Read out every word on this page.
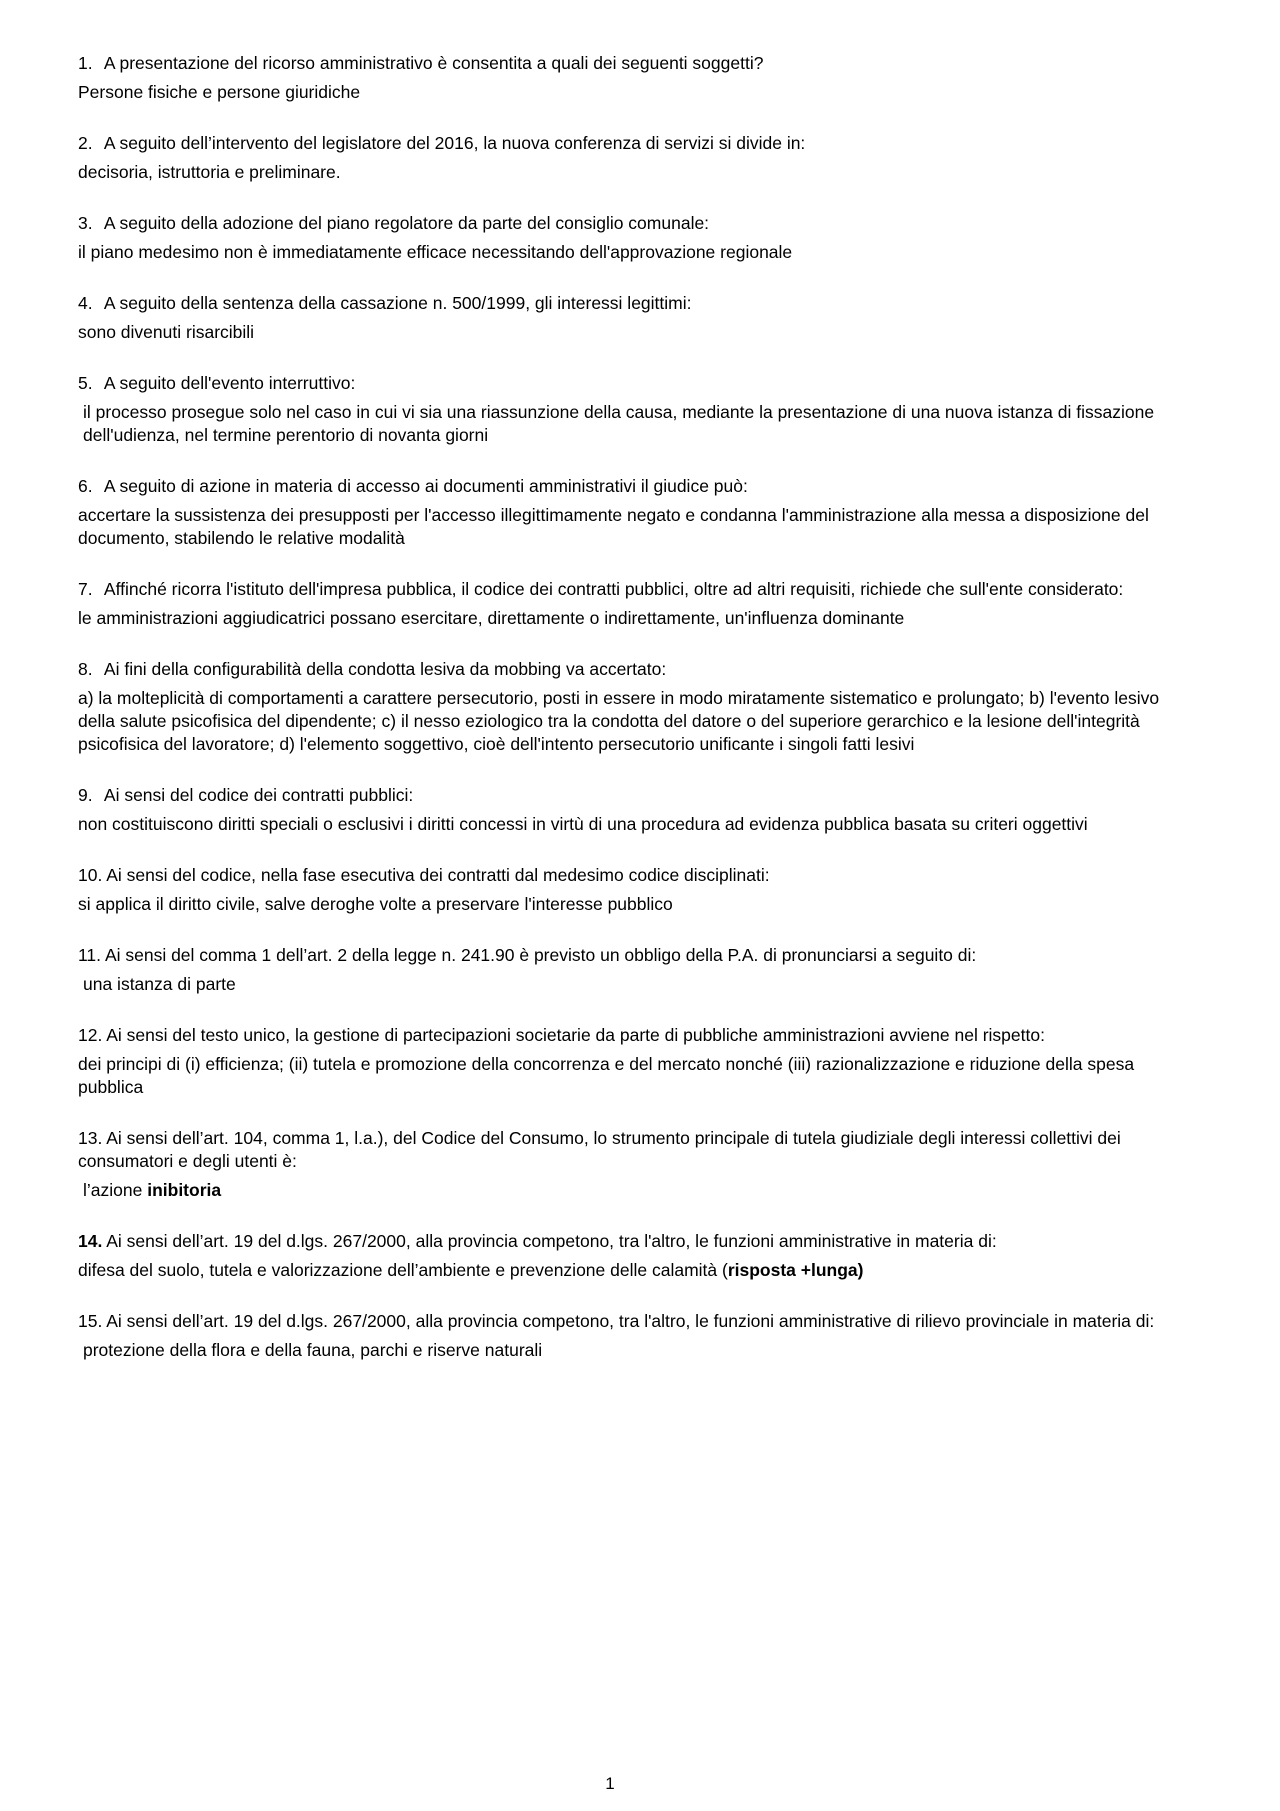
1. A presentazione del ricorso amministrativo è consentita a quali dei seguenti soggetti?

Persone fisiche e persone giuridiche

2. A seguito dell’intervento del legislatore del 2016, la nuova conferenza di servizi si divide in:

decisoria, istruttoria e preliminare.

3. A seguito della adozione del piano regolatore da parte del consiglio comunale:

il piano medesimo non è immediatamente efficace necessitando dell'approvazione regionale

4. A seguito della sentenza della cassazione n. 500/1999, gli interessi legittimi:

sono divenuti risarcibili

5. A seguito dell'evento interruttivo:

il processo prosegue solo nel caso in cui vi sia una riassunzione della causa, mediante la presentazione di una nuova istanza di fissazione dell'udienza, nel termine perentorio di novanta giorni

6. A seguito di azione in materia di accesso ai documenti amministrativi il giudice può:

accertare la sussistenza dei presupposti per l'accesso illegittimamente negato e condanna l'amministrazione alla messa a disposizione del documento, stabilendo le relative modalità

7. Affinché ricorra l'istituto dell'impresa pubblica, il codice dei contratti pubblici, oltre ad altri requisiti, richiede che sull'ente considerato:

le amministrazioni aggiudicatrici possano esercitare, direttamente o indirettamente, un'influenza dominante

8. Ai fini della configurabilità della condotta lesiva da mobbing va accertato:

a) la molteplicità di comportamenti a carattere persecutorio, posti in essere in modo miratamente sistematico e prolungato; b) l'evento lesivo della salute psicofisica del dipendente; c) il nesso eziologico tra la condotta del datore o del superiore gerarchico e la lesione dell'integrità psicofisica del lavoratore; d) l'elemento soggettivo, cioè dell'intento persecutorio unificante i singoli fatti lesivi

9. Ai sensi del codice dei contratti pubblici:

non costituiscono diritti speciali o esclusivi i diritti concessi in virtù di una procedura ad evidenza pubblica basata su criteri oggettivi

10. Ai sensi del codice, nella fase esecutiva dei contratti dal medesimo codice disciplinati:

si applica il diritto civile, salve deroghe volte a preservare l'interesse pubblico

11. Ai sensi del comma 1 dell’art. 2 della legge n. 241.90 è previsto un obbligo della P.A. di pronunciarsi a seguito di:

una istanza di parte

12. Ai sensi del testo unico, la gestione di partecipazioni societarie da parte di pubbliche amministrazioni avviene nel rispetto:

dei principi di (i) efficienza; (ii) tutela e promozione della concorrenza e del mercato nonché (iii) razionalizzazione e riduzione della spesa pubblica

13. Ai sensi dell’art. 104, comma 1, l.a.), del Codice del Consumo, lo strumento principale di tutela giudiziale degli interessi collettivi dei consumatori e degli utenti è:

l’azione inibitoria

14. Ai sensi dell’art. 19 del d.lgs. 267/2000, alla provincia competono, tra l'altro, le funzioni amministrative in materia di:

difesa del suolo, tutela e valorizzazione dell’ambiente e prevenzione delle calamità (risposta +lunga)

15. Ai sensi dell’art. 19 del d.lgs. 267/2000, alla provincia competono, tra l'altro, le funzioni amministrative di rilievo provinciale in materia di:

protezione della flora e della fauna, parchi e riserve naturali

1
